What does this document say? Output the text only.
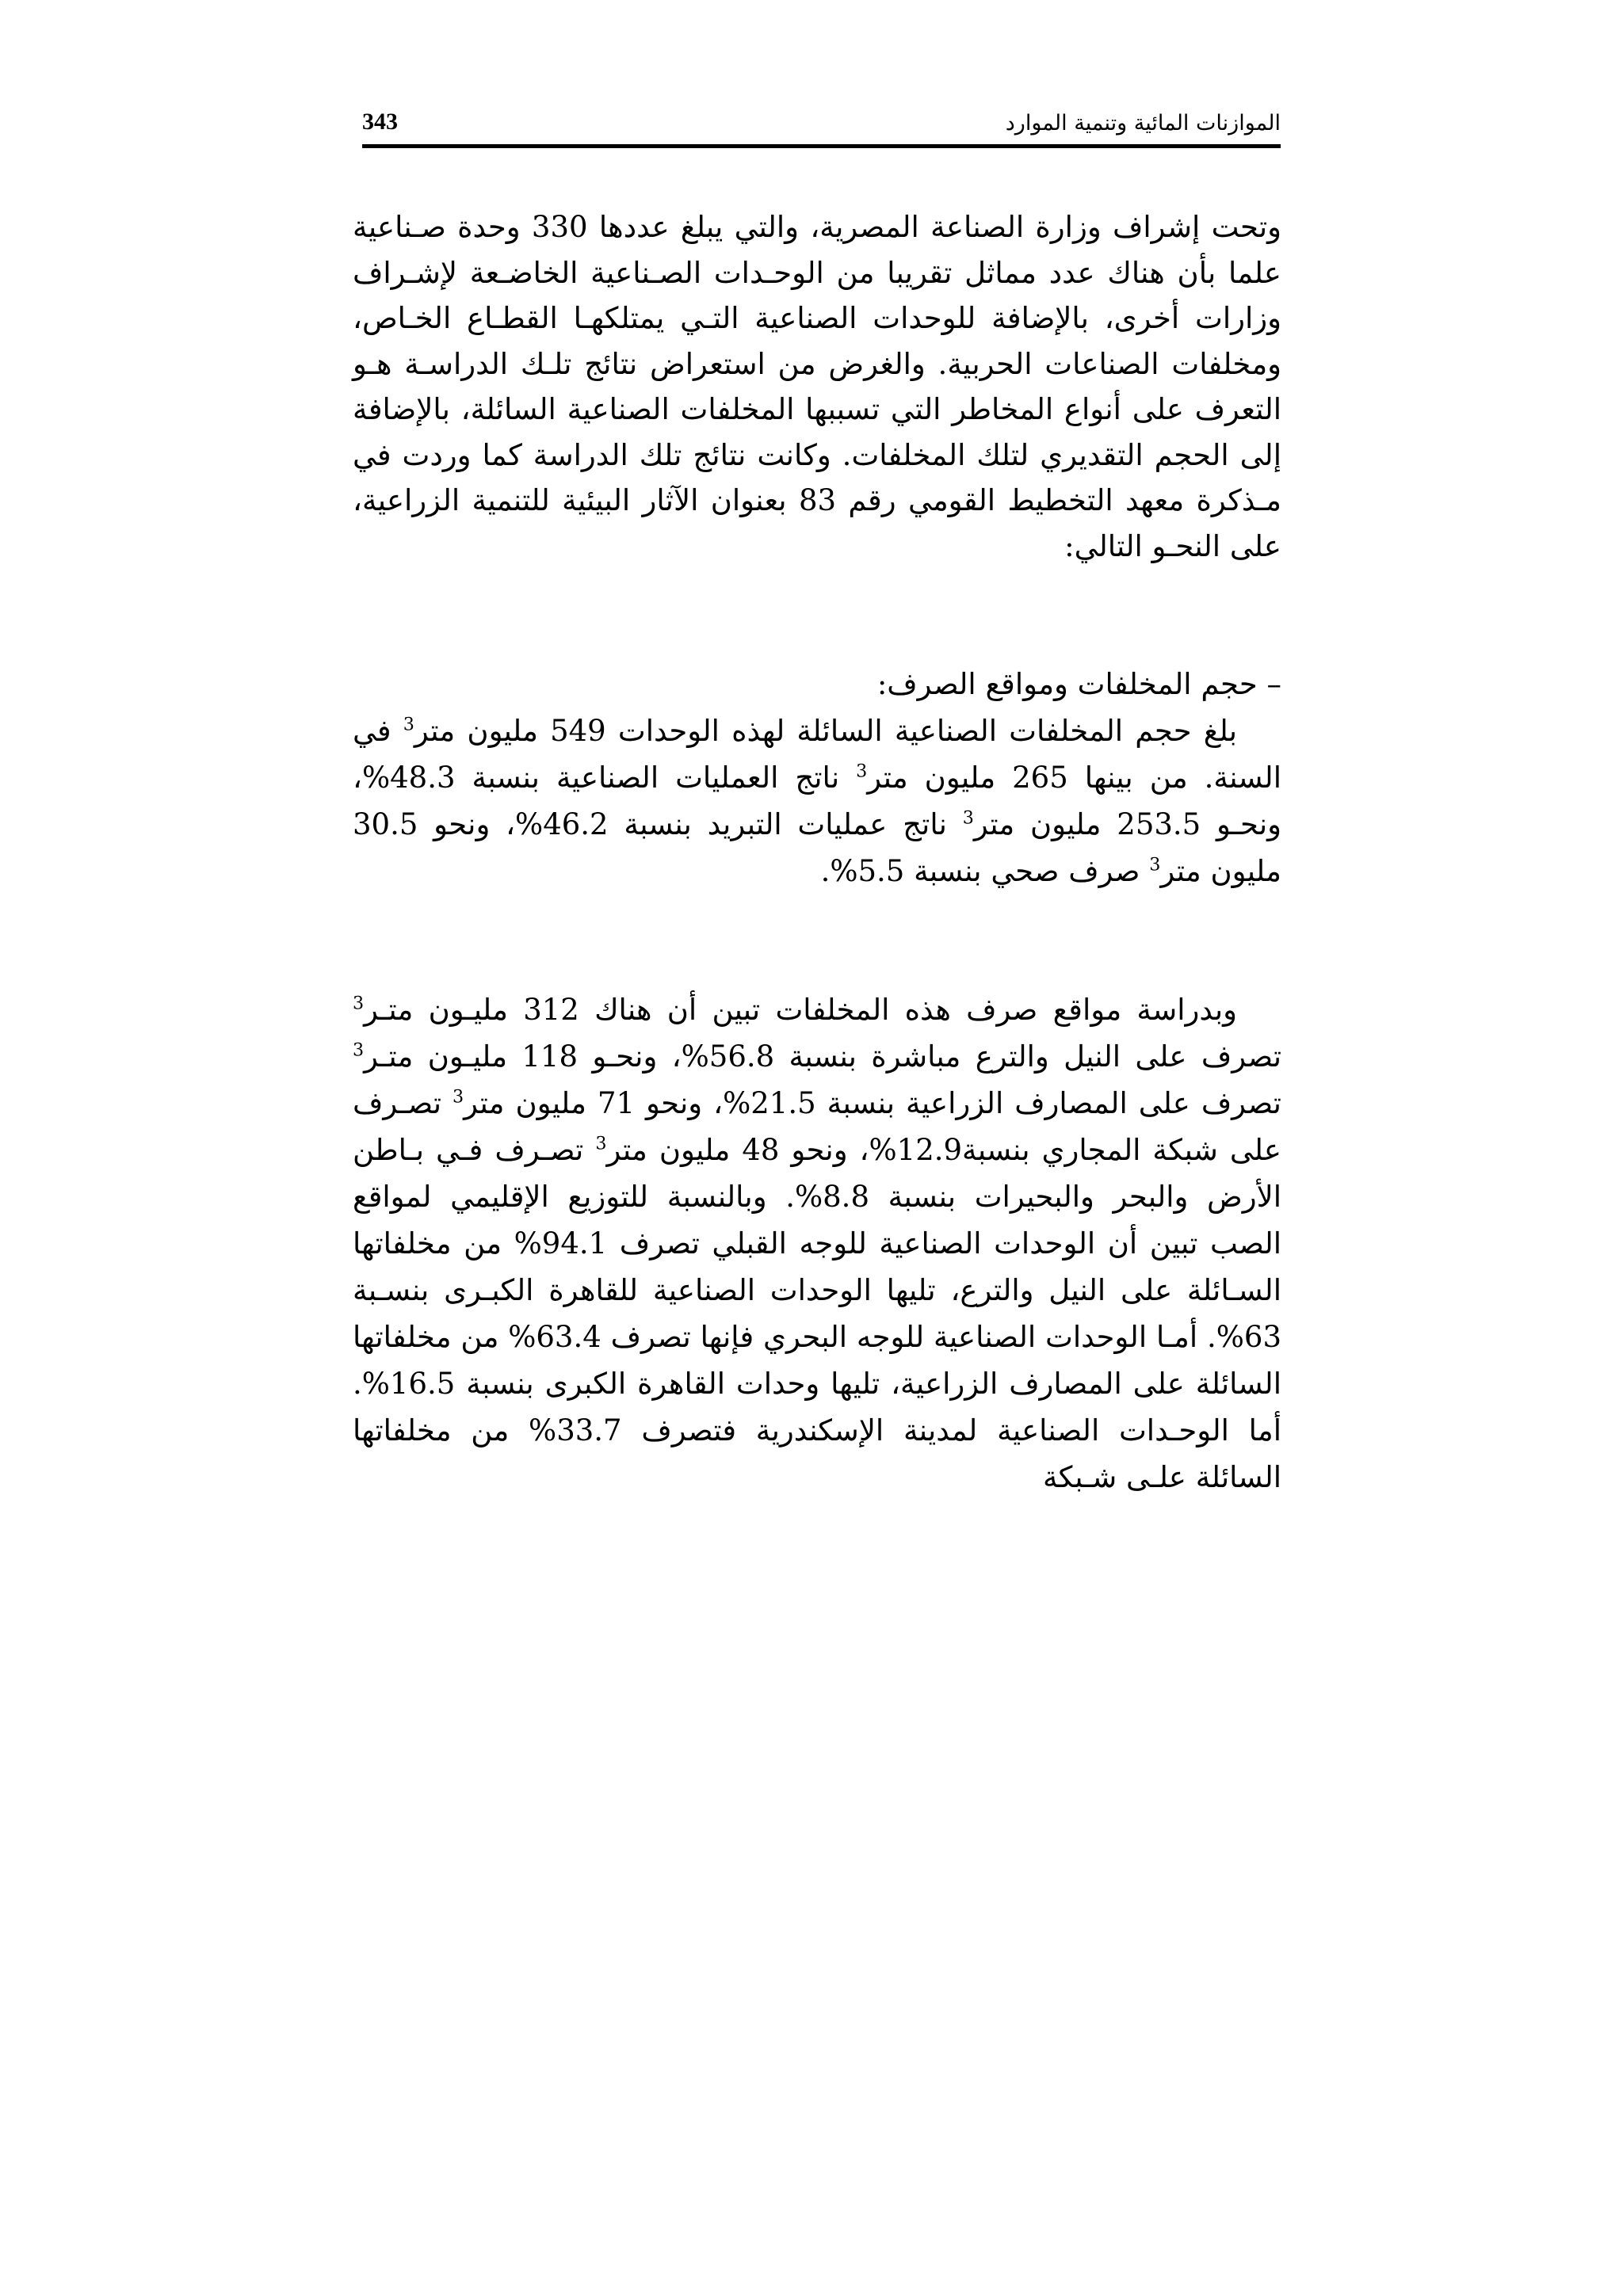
الموازنات المائية وتنمية الموارد
343

وتحت إشراف وزارة الصناعة المصرية، والتي يبلغ عددها 330 وحدة صـناعية علما بأن هناك عدد مماثل تقريبا من الوحـدات الصـناعية الخاضـعة لإشـراف وزارات أخرى، بالإضافة للوحدات الصناعية التـي يمتلكهـا القطـاع الخـاص، ومخلفات الصناعات الحربية. والغرض من استعراض نتائج تلـك الدراسـة هـو التعرف على أنواع المخاطر التي تسببها المخلفات الصناعية السائلة، بالإضافة إلى الحجم التقديري لتلك المخلفات. وكانت نتائج تلك الدراسة كما وردت في مـذكرة معهد التخطيط القومي رقم 83 بعنوان الآثار البيئية للتنمية الزراعية، على النحـو التالي:

– حجم المخلفات ومواقع الصرف:

بلغ حجم المخلفات الصناعية السائلة لهذه الوحدات 549 مليون متر$^3$ في السنة. من بينها 265 مليون متر$^3$ ناتج العمليات الصناعية بنسبة 48.3%، ونحـو 253.5 مليون متر$^3$ ناتج عمليات التبريد بنسبة 46.2%، ونحو 30.5 مليون متر$^3$ صرف صحي بنسبة 5.5%.

وبدراسة مواقع صرف هذه المخلفات تبين أن هناك 312 مليـون متـر$^3$ تصرف على النيل والترع مباشرة بنسبة 56.8%، ونحـو 118 مليـون متـر$^3$ تصرف على المصارف الزراعية بنسبة 21.5%، ونحو 71 مليون متر$^3$ تصـرف على شبكة المجاري بنسبة12.9%، ونحو 48 مليون متر$^3$ تصـرف فـي بـاطن الأرض والبحر والبحيرات بنسبة 8.8%. وبالنسبة للتوزيع الإقليمي لمواقع الصب تبين أن الوحدات الصناعية للوجه القبلي تصرف 94.1% من مخلفاتها السـائلة على النيل والترع، تليها الوحدات الصناعية للقاهرة الكبـرى بنسـبة 63%. أمـا الوحدات الصناعية للوجه البحري فإنها تصرف 63.4% من مخلفاتها السائلة على المصارف الزراعية، تليها وحدات القاهرة الكبرى بنسبة 16.5%. أما الوحـدات الصناعية لمدينة الإسكندرية فتصرف 33.7% من مخلفاتها السائلة علـى شـبكة
